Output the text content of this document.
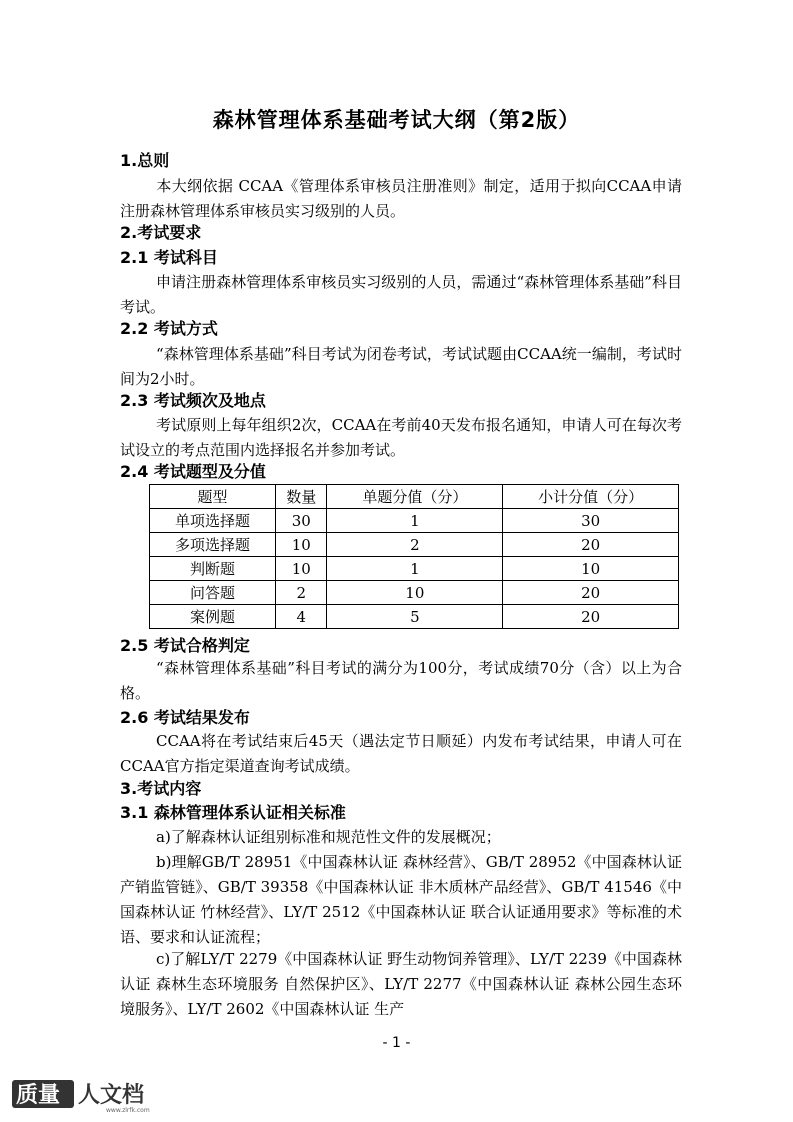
森林管理体系基础考试大纲（第2版）
1.总则
本大纲依据 CCAA《管理体系审核员注册准则》制定，适用于拟向CCAA申请注册森林管理体系审核员实习级别的人员。
2.考试要求
2.1 考试科目
申请注册森林管理体系审核员实习级别的人员，需通过“森林管理体系基础”科目考试。
2.2 考试方式
“森林管理体系基础”科目考试为闭卷考试，考试试题由CCAA统一编制，考试时间为2小时。
2.3 考试频次及地点
考试原则上每年组织2次，CCAA在考前40天发布报名通知，申请人可在每次考试设立的考点范围内选择报名并参加考试。
2.4 考试题型及分值
题型	数量	单题分值（分）	小计分值（分）
单项选择题	30	1	30
多项选择题	10	2	20
判断题	10	1	10
问答题	2	10	20
案例题	4	5	20
2.5 考试合格判定
“森林管理体系基础”科目考试的满分为100分，考试成绩70分（含）以上为合格。
2.6 考试结果发布
CCAA将在考试结束后45天（遇法定节日顺延）内发布考试结果，申请人可在CCAA官方指定渠道查询考试成绩。
3.考试内容
3.1 森林管理体系认证相关标准
a)了解森林认证组别标准和规范性文件的发展概况；
b)理解GB/T 28951《中国森林认证 森林经营》、GB/T 28952《中国森林认证 产销监管链》、GB/T 39358《中国森林认证 非木质林产品经营》、GB/T 41546《中国森林认证 竹林经营》、LY/T 2512《中国森林认证 联合认证通用要求》等标准的术语、要求和认证流程；
c)了解LY/T 2279《中国森林认证 野生动物饲养管理》、LY/T 2239《中国森林认证 森林生态环境服务 自然保护区》、LY/T 2277《中国森林认证 森林公园生态环境服务》、LY/T 2602《中国森林认证 生产
- 1 -
质量 人文档
www.zlrfk.com
